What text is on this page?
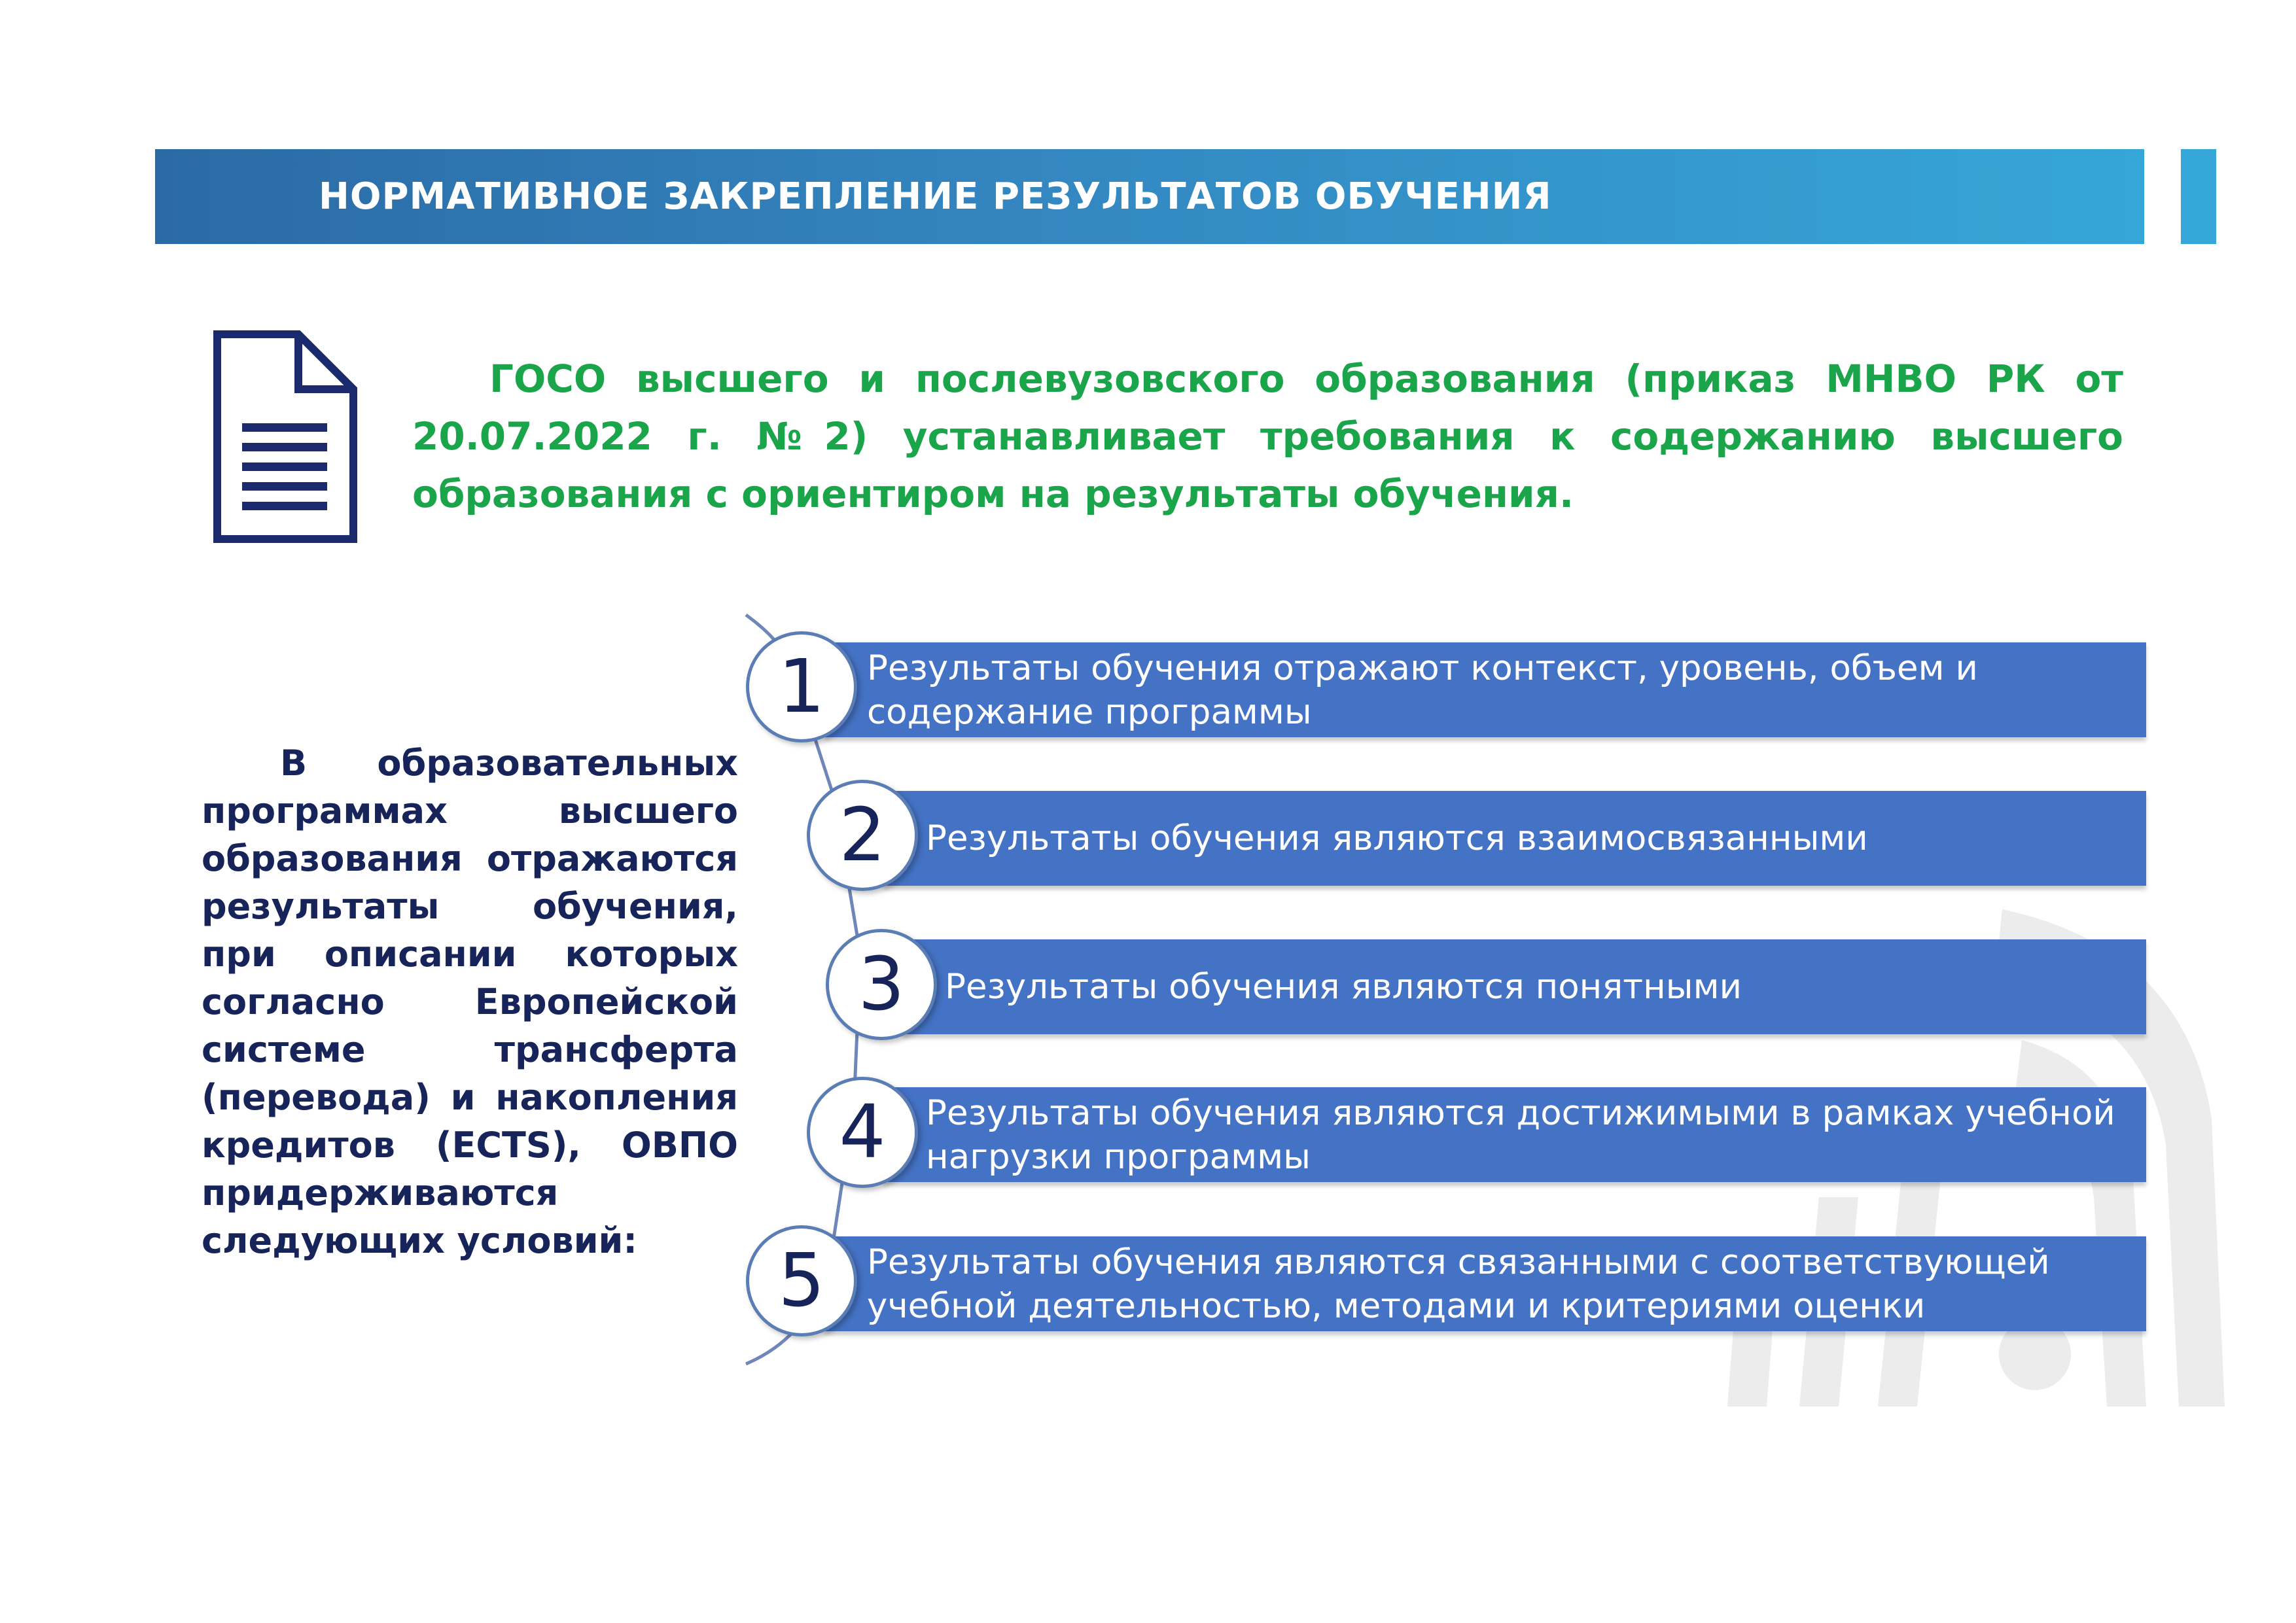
НОРМАТИВНОЕ ЗАКРЕПЛЕНИЕ РЕЗУЛЬТАТОВ ОБУЧЕНИЯ

ГОСО высшего и послевузовского образования (приказ МНВО РК от 20.07.2022 г. №2) устанавливает требования к содержанию высшего образования с ориентиром на результаты обучения.

В образовательных программах высшего образования отражаются результаты обучения, при описании которых согласно Европейской системе трансферта (перевода) и накопления кредитов (ECTS), ОВПО придерживаются следующих условий:

Результаты обучения отражают контекст, уровень, объем и содержание программы
1
Результаты обучения являются взаимосвязанными
2
Результаты обучения являются понятными
3
Результаты обучения являются достижимыми в рамках учебной нагрузки программы
4
Результаты обучения являются связанными с соответствующей учебной деятельностью, методами и критериями оценки
5
